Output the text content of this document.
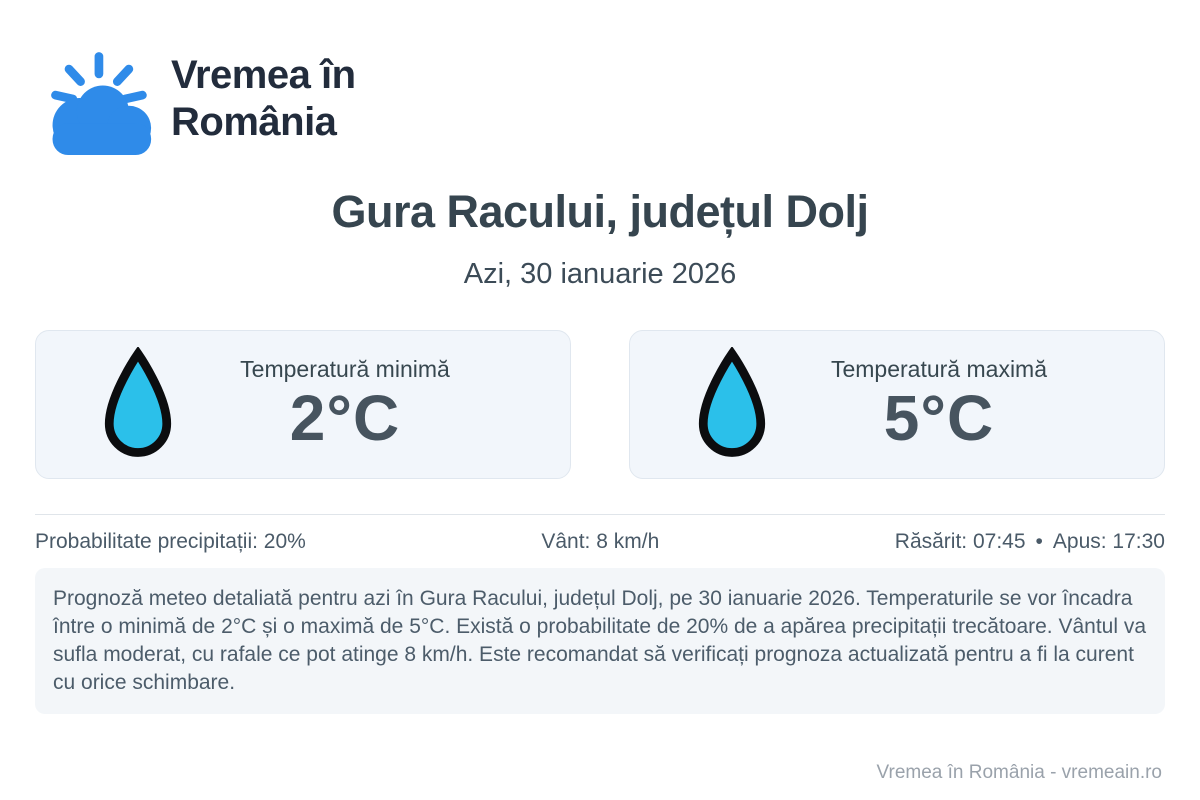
Vremea în
România
Gura Racului, județul Dolj
Azi, 30 ianuarie 2026
Temperatură minimă
2°C
Temperatură maximă
5°C
Probabilitate precipitații: 20%	Vânt: 8 km/h	Răsărit: 07:45 • Apus: 17:30
Prognoză meteo detaliată pentru azi în Gura Racului, județul Dolj, pe 30 ianuarie 2026. Temperaturile se vor încadra între o minimă de 2°C și o maximă de 5°C. Există o probabilitate de 20% de a apărea precipitații trecătoare. Vântul va sufla moderat, cu rafale ce pot atinge 8 km/h. Este recomandat să verificați prognoza actualizată pentru a fi la curent cu orice schimbare.
Vremea în România - vremeain.ro
